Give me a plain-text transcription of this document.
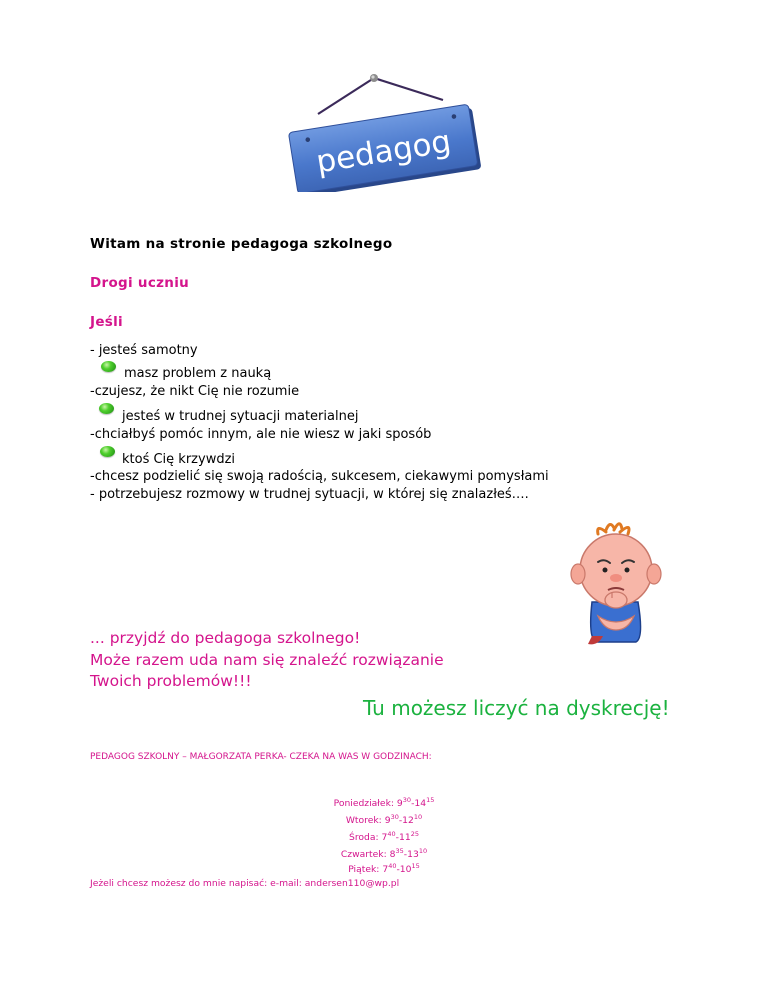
pedagog
Witam na stronie pedagoga szkolnego
Drogi uczniu
Jeśli
- jesteś samotny
masz problem z nauką
-czujesz, że nikt Cię nie rozumie
jesteś w trudnej sytuacji materialnej
-chciałbyś pomóc innym, ale nie wiesz w jaki sposób
ktoś Cię krzywdzi
-chcesz podzielić się swoją radością, sukcesem, ciekawymi pomysłami
- potrzebujesz rozmowy w trudnej sytuacji, w której się znalazłeś….
... przyjdź do pedagoga szkolnego!
Może razem uda nam się znaleźć rozwiązanie
Twoich problemów!!!
Tu możesz liczyć na dyskrecję!
PEDAGOG SZKOLNY – MAŁGORZATA PERKA- CZEKA NA WAS W GODZINACH:
Poniedziałek: $9^{30}-14^{15}$
Wtorek: $9^{30}-12^{10}$
Środa: $7^{40}-11^{25}$
Czwartek: $8^{35}-13^{10}$
Piątek: $7^{40}-10^{15}$
Jeżeli chcesz możesz do mnie napisać: e-mail: andersen110@wp.pl
